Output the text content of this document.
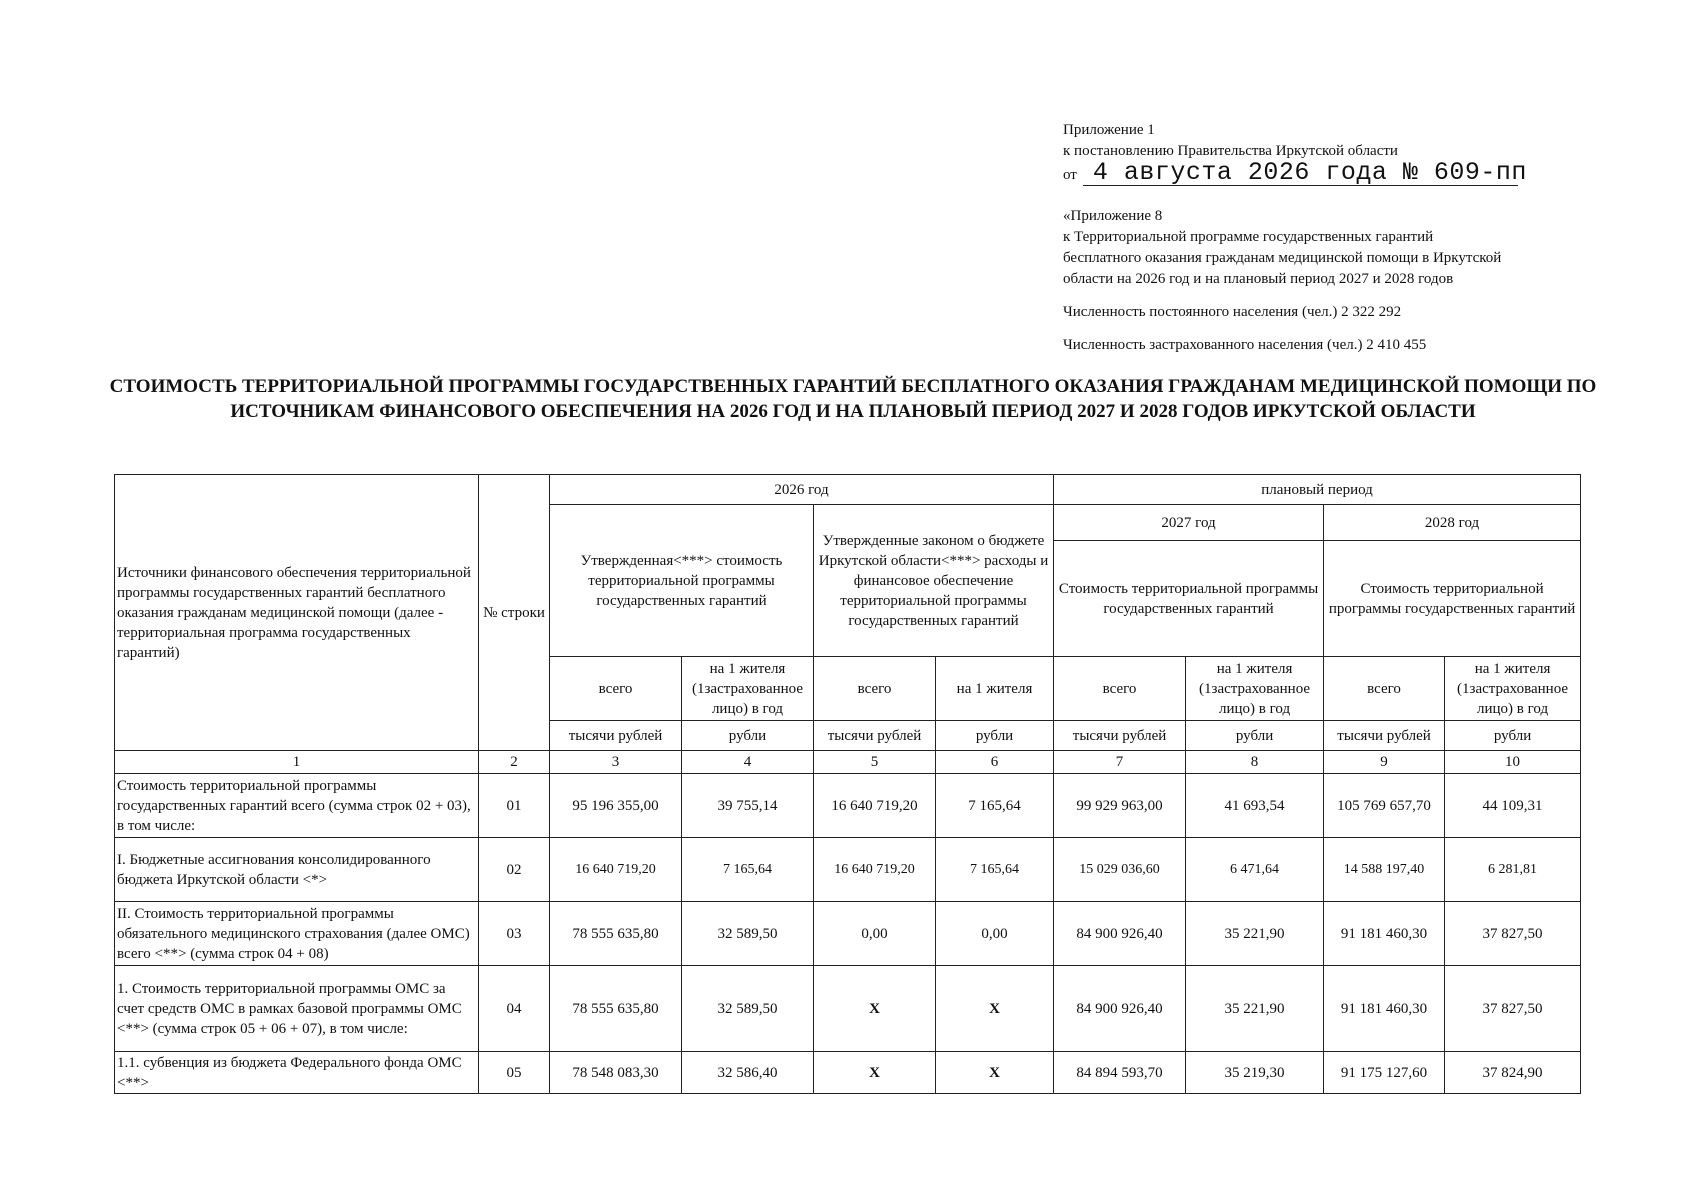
Приложение 1
к постановлению Правительства Иркутской области
от 4 августа 2026 года № 609-пп
«Приложение 8
к Территориальной программе государственных гарантий
бесплатного оказания гражданам медицинской помощи в Иркутской
области на 2026 год и на плановый период 2027 и 2028 годов
Численность постоянного населения (чел.) 2 322 292
Численность застрахованного населения (чел.) 2 410 455
СТОИМОСТЬ ТЕРРИТОРИАЛЬНОЙ ПРОГРАММЫ ГОСУДАРСТВЕННЫХ ГАРАНТИЙ БЕСПЛАТНОГО ОКАЗАНИЯ ГРАЖДАНАМ МЕДИЦИНСКОЙ ПОМОЩИ ПО ИСТОЧНИКАМ ФИНАНСОВОГО ОБЕСПЕЧЕНИЯ НА 2026 ГОД И НА ПЛАНОВЫЙ ПЕРИОД 2027 И 2028 ГОДОВ ИРКУТСКОЙ ОБЛАСТИ
Источники финансового обеспечения территориальной программы государственных гарантий бесплатного оказания гражданам медицинской помощи (далее - территориальная программа государственных гарантий)	№ строки	2026 год				плановый период			
		Утвержденная<***> стоимость территориальной программы государственных гарантий		Утвержденные законом о бюджете Иркутской области<***> расходы и финансовое обеспечение территориальной программы государственных гарантий		2027 год		2028 год	
						Стоимость территориальной программы государственных гарантий		Стоимость территориальной программы государственных гарантий	
		всего	на 1 жителя (1застрахованное лицо) в год	всего	на 1 жителя	всего	на 1 жителя (1застрахованное лицо) в год	всего	на 1 жителя (1застрахованное лицо) в год
		тысячи рублей	рубли	тысячи рублей	рубли	тысячи рублей	рубли	тысячи рублей	рубли
1	2	3	4	5	6	7	8	9	10
Стоимость территориальной программы государственных гарантий всего (сумма строк 02 + 03), в том числе:	01	95 196 355,00	39 755,14	16 640 719,20	7 165,64	99 929 963,00	41 693,54	105 769 657,70	44 109,31
I. Бюджетные ассигнования консолидированного бюджета Иркутской области <*>	02	16 640 719,20	7 165,64	16 640 719,20	7 165,64	15 029 036,60	6 471,64	14 588 197,40	6 281,81
II. Стоимость территориальной программы обязательного медицинского страхования (далее ОМС) всего <**> (сумма строк 04 + 08)	03	78 555 635,80	32 589,50	0,00	0,00	84 900 926,40	35 221,90	91 181 460,30	37 827,50
1. Стоимость территориальной программы ОМС за счет средств ОМС в рамках базовой программы ОМС <**> (сумма строк 05 + 06 + 07), в том числе:	04	78 555 635,80	32 589,50	Х	Х	84 900 926,40	35 221,90	91 181 460,30	37 827,50
1.1. субвенция из бюджета Федерального фонда ОМС <**>	05	78 548 083,30	32 586,40	Х	Х	84 894 593,70	35 219,30	91 175 127,60	37 824,90
